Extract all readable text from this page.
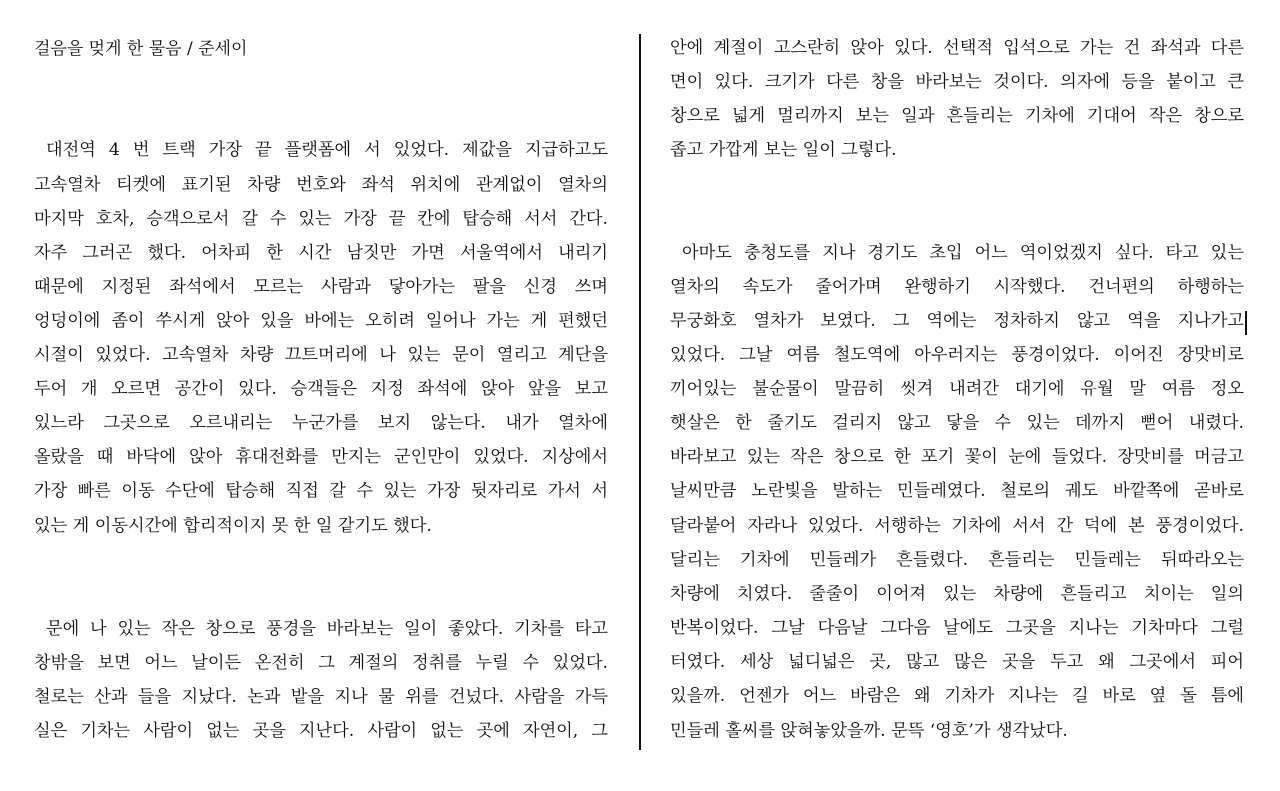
걸음을 멎게 한 물음 / 준세이
대전역 4 번 트랙 가장 끝 플랫폼에 서 있었다. 제값을 지급하고도
고속열차 티켓에 표기된 차량 번호와 좌석 위치에 관계없이 열차의
마지막 호차, 승객으로서 갈 수 있는 가장 끝 칸에 탑승해 서서 간다.
자주 그러곤 했다. 어차피 한 시간 남짓만 가면 서울역에서 내리기
때문에 지정된 좌석에서 모르는 사람과 닿아가는 팔을 신경 쓰며
엉덩이에 좀이 쑤시게 앉아 있을 바에는 오히려 일어나 가는 게 편했던
시절이 있었다. 고속열차 차량 끄트머리에 나 있는 문이 열리고 계단을
두어 개 오르면 공간이 있다. 승객들은 지정 좌석에 앉아 앞을 보고
있느라 그곳으로 오르내리는 누군가를 보지 않는다. 내가 열차에
올랐을 때 바닥에 앉아 휴대전화를 만지는 군인만이 있었다. 지상에서
가장 빠른 이동 수단에 탑승해 직접 갈 수 있는 가장 뒷자리로 가서 서
있는 게 이동시간에 합리적이지 못 한 일 같기도 했다.
문에 나 있는 작은 창으로 풍경을 바라보는 일이 좋았다. 기차를 타고
창밖을 보면 어느 날이든 온전히 그 계절의 정취를 누릴 수 있었다.
철로는 산과 들을 지났다. 논과 밭을 지나 물 위를 건넜다. 사람을 가득
실은 기차는 사람이 없는 곳을 지난다. 사람이 없는 곳에 자연이, 그
안에 계절이 고스란히 앉아 있다. 선택적 입석으로 가는 건 좌석과 다른
면이 있다. 크기가 다른 창을 바라보는 것이다. 의자에 등을 붙이고 큰
창으로 넓게 멀리까지 보는 일과 흔들리는 기차에 기대어 작은 창으로
좁고 가깝게 보는 일이 그렇다.
아마도 충청도를 지나 경기도 초입 어느 역이었겠지 싶다. 타고 있는
열차의 속도가 줄어가며 완행하기 시작했다. 건너편의 하행하는
무궁화호 열차가 보였다. 그 역에는 정차하지 않고 역을 지나가고
있었다. 그날 여름 철도역에 아우러지는 풍경이었다. 이어진 장맛비로
끼어있는 불순물이 말끔히 씻겨 내려간 대기에 유월 말 여름 정오
햇살은 한 줄기도 걸리지 않고 닿을 수 있는 데까지 뻗어 내렸다.
바라보고 있는 작은 창으로 한 포기 꽃이 눈에 들었다. 장맛비를 머금고
날씨만큼 노란빛을 발하는 민들레였다. 철로의 궤도 바깥쪽에 곧바로
달라붙어 자라나 있었다. 서행하는 기차에 서서 간 덕에 본 풍경이었다.
달리는 기차에 민들레가 흔들렸다. 흔들리는 민들레는 뒤따라오는
차량에 치였다. 줄줄이 이어져 있는 차량에 흔들리고 치이는 일의
반복이었다. 그날 다음날 그다음 날에도 그곳을 지나는 기차마다 그럴
터였다. 세상 넓디넓은 곳, 많고 많은 곳을 두고 왜 그곳에서 피어
있을까. 언젠가 어느 바람은 왜 기차가 지나는 길 바로 옆 돌 틈에
민들레 홀씨를 앉혀놓았을까. 문뜩 ‘영호’가 생각났다.
